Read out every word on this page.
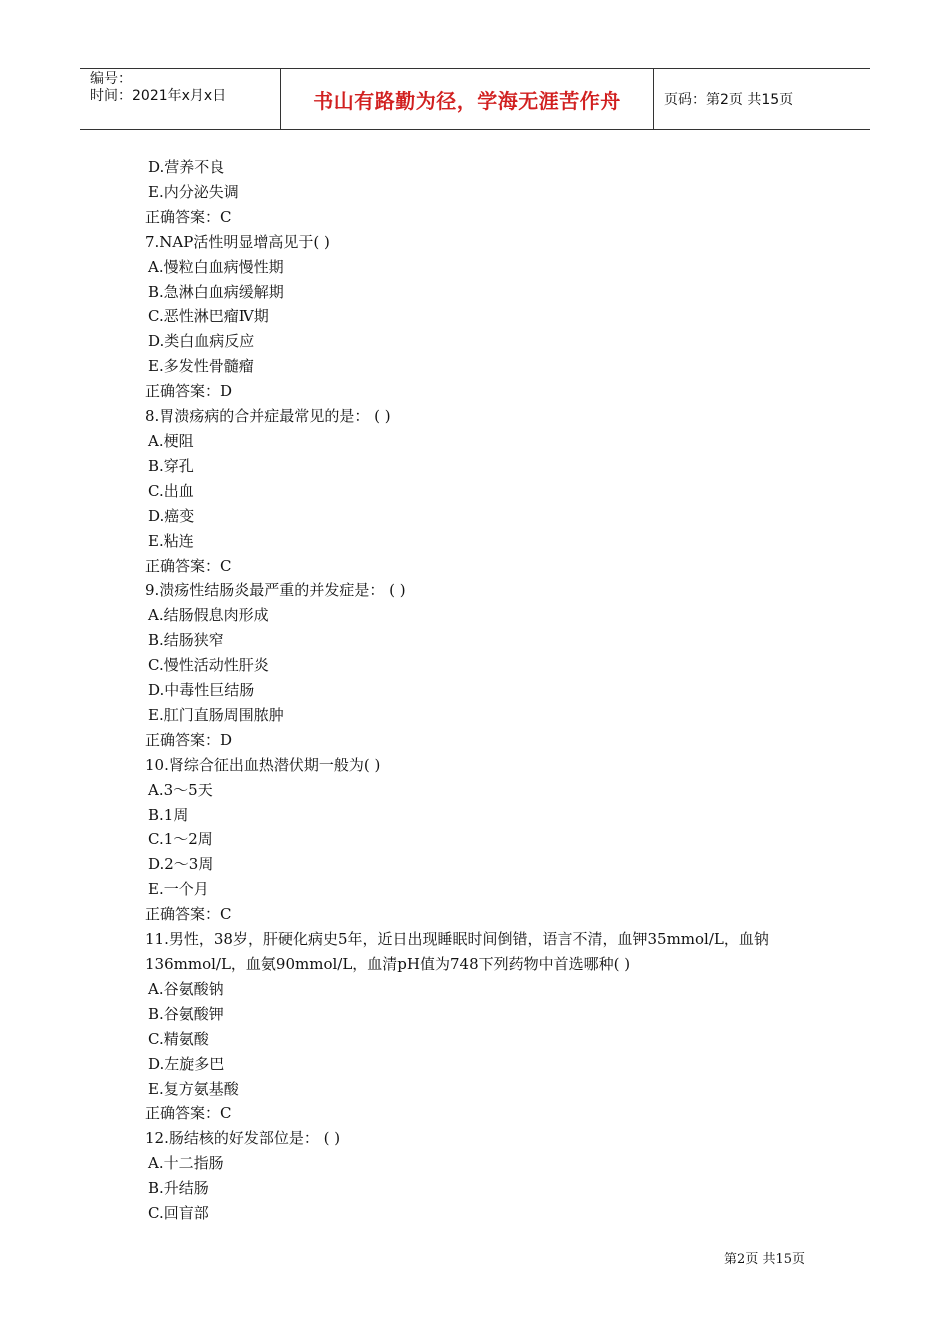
编号：
时间：2021年x月x日	书山有路勤为径，学海无涯苦作舟	页码：第2页 共15页
D.营养不良
E.内分泌失调
正确答案：C
7.NAP活性明显增高见于( )
A.慢粒白血病慢性期
B.急淋白血病缓解期
C.恶性淋巴瘤Ⅳ期
D.类白血病反应
E.多发性骨髓瘤
正确答案：D
8.胃溃疡病的合并症最常见的是： ( )
A.梗阻
B.穿孔
C.出血
D.癌变
E.粘连
正确答案：C
9.溃疡性结肠炎最严重的并发症是： ( )
A.结肠假息肉形成
B.结肠狭窄
C.慢性活动性肝炎
D.中毒性巨结肠
E.肛门直肠周围脓肿
正确答案：D
10.肾综合征出血热潜伏期一般为( )
A.3～5天
B.1周
C.1～2周
D.2～3周
E.一个月
正确答案：C
11.男性，38岁，肝硬化病史5年，近日出现睡眠时间倒错，语言不清，血钾35mmol/L，血钠
136mmol/L，血氨90mmol/L，血清pH值为748下列药物中首选哪种( )
A.谷氨酸钠
B.谷氨酸钾
C.精氨酸
D.左旋多巴
E.复方氨基酸
正确答案：C
12.肠结核的好发部位是： ( )
A.十二指肠
B.升结肠
C.回盲部
第2页 共15页
